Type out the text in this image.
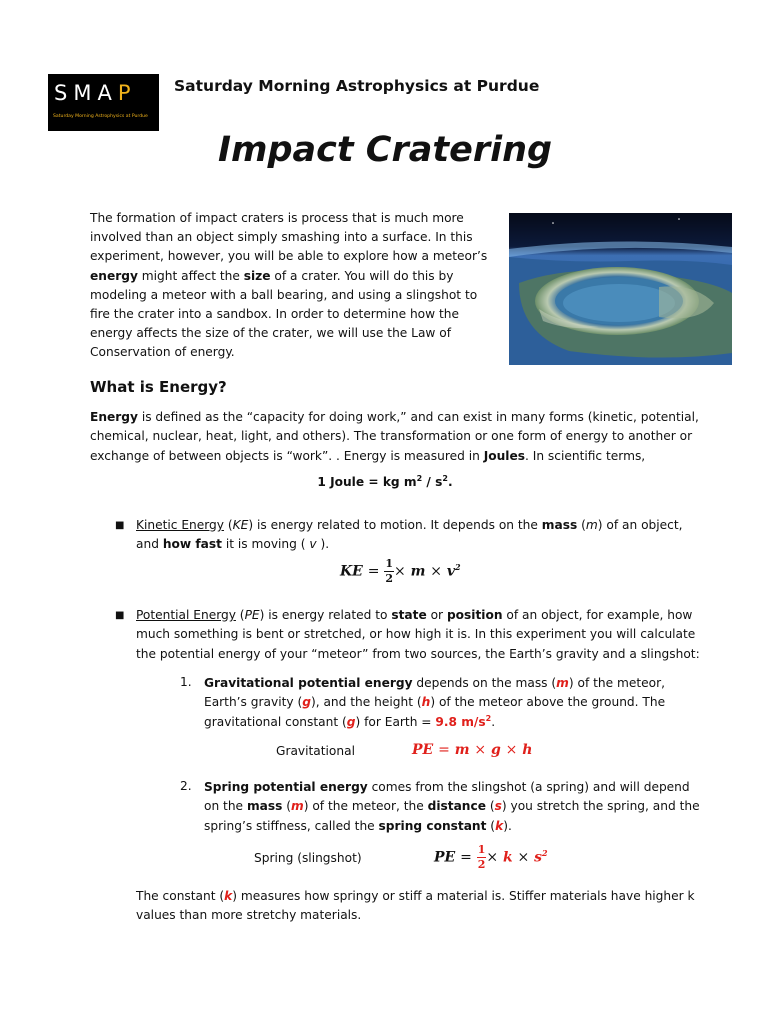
SMAP
Saturday Morning Astrophysics at Purdue
Saturday Morning Astrophysics at Purdue
Impact Cratering
The formation of impact craters is process that is much more involved than an object simply smashing into a surface. In this experiment, however, you will be able to explore how a meteor’s energy might affect the size of a crater. You will do this by modeling a meteor with a ball bearing, and using a slingshot to fire the crater into a sandbox. In order to determine how the energy affects the size of the crater, we will use the Law of Conservation of energy.
What is Energy?
Energy is defined as the “capacity for doing work,” and can exist in many forms (kinetic, potential, chemical, nuclear, heat, light, and others). The transformation or one form of energy to another or exchange of between objects is “work”. . Energy is measured in Joules. In scientific terms,
1 Joule = kg $m^2 / s^2$.
■ Kinetic Energy (KE) is energy related to motion. It depends on the mass (m) of an object, and how fast it is moving ( v ).
KE = $\frac{1}{2} \times m \times v^2$
■ Potential Energy (PE) is energy related to state or position of an object, for example, how much something is bent or stretched, or how high it is. In this experiment you will calculate the potential energy of your “meteor” from two sources, the Earth’s gravity and a slingshot:
1. Gravitational potential energy depends on the mass (m) of the meteor, Earth’s gravity (g), and the height (h) of the meteor above the ground. The gravitational constant (g) for Earth = 9.8 $m/s^2$.
Gravitational	PE = m × g × h
2. Spring potential energy comes from the slingshot (a spring) and will depend on the mass (m) of the meteor, the distance (s) you stretch the spring, and the spring’s stiffness, called the spring constant (k).
Spring (slingshot)	PE = $\frac{1}{2} \times k \times s^2$
The constant (k) measures how springy or stiff a material is. Stiffer materials have higher k values than more stretchy materials.
